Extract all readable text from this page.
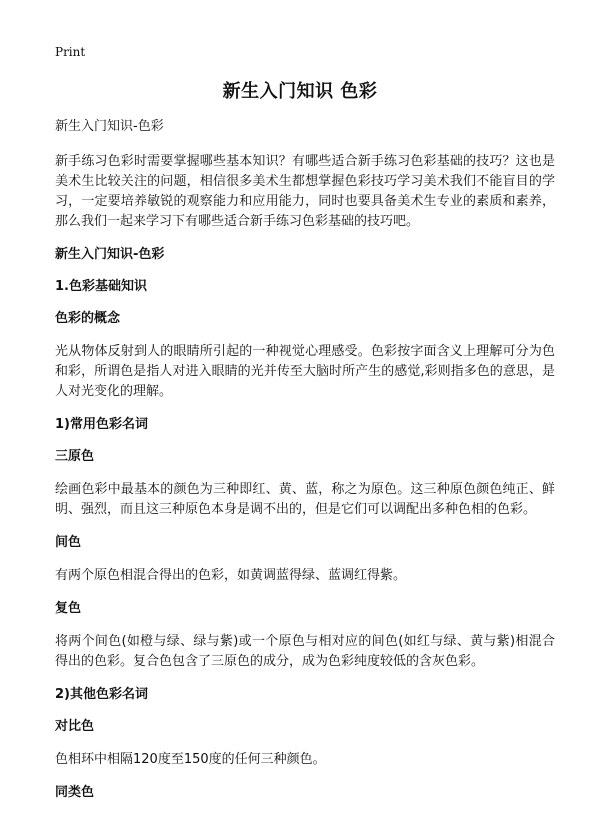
Print
新生入门知识 色彩

新生入门知识-色彩

新手练习色彩时需要掌握哪些基本知识？有哪些适合新手练习色彩基础的技巧？这也是美术生比较关注的问题，相信很多美术生都想掌握色彩技巧学习美术我们不能盲目的学习，一定要培养敏锐的观察能力和应用能力，同时也要具备美术生专业的素质和素养，那么我们一起来学习下有哪些适合新手练习色彩基础的技巧吧。

新生入门知识-色彩
1.色彩基础知识
色彩的概念

光从物体反射到人的眼睛所引起的一种视觉心理感受。色彩按字面含义上理解可分为色和彩，所谓色是指人对进入眼睛的光并传至大脑时所产生的感觉,彩则指多色的意思，是人对光变化的理解。

1)常用色彩名词
三原色

绘画色彩中最基本的颜色为三种即红、黄、蓝，称之为原色。这三种原色颜色纯正、鲜明、强烈，而且这三种原色本身是调不出的，但是它们可以调配出多种色相的色彩。

间色

有两个原色相混合得出的色彩，如黄调蓝得绿、蓝调红得紫。

复色

将两个间色(如橙与绿、绿与紫)或一个原色与相对应的间色(如红与绿、黄与紫)相混合得出的色彩。复合色包含了三原色的成分，成为色彩纯度较低的含灰色彩。

2)其他色彩名词
对比色

色相环中相隔120度至150度的任何三种颜色。

同类色
